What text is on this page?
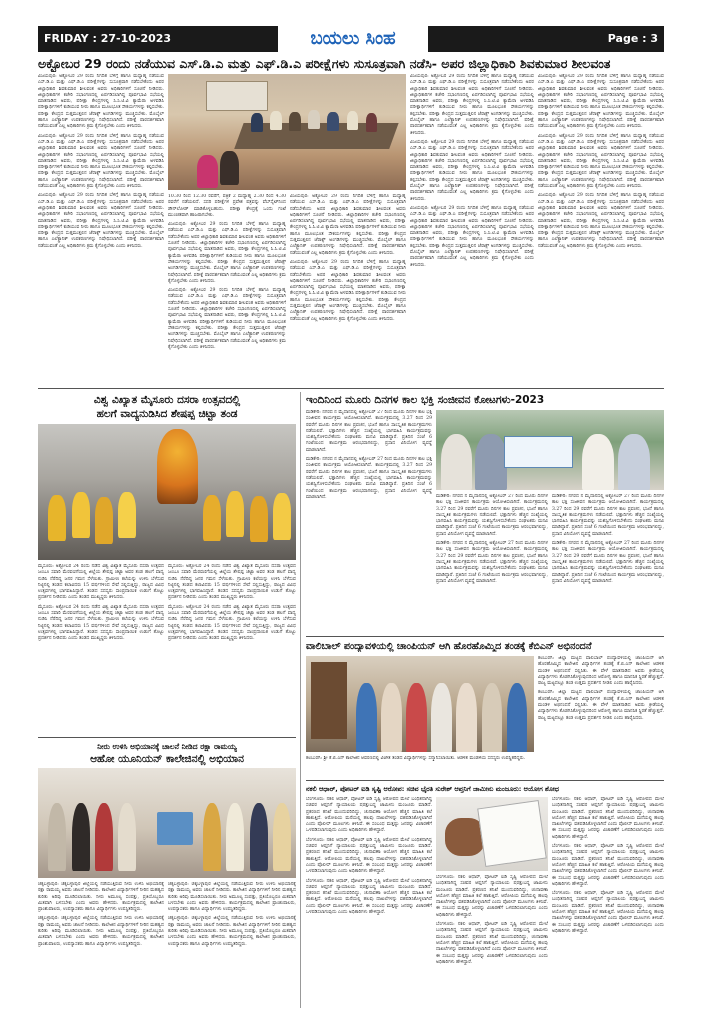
FRIDAY : 27-10-2023	ಬಯಲು ಸಿಂಹ	Page : 3
ಅಕ್ಟೋಬರ 29 ರಂದು ನಡೆಯುವ ಎಸ್.ಡಿ.ಎ ಮತ್ತು ಎಫ್.ಡಿ.ಎ ಪರೀಕ್ಷೆಗಳು ಸುಸೂತ್ರವಾಗಿ ನಡೆಸಿ- ಅಪರ ಜಿಲ್ಲಾಧಿಕಾರಿ ಶಿವಕುಮಾರ ಶೀಲವಂತ

ವಿಜಯಪುರ: ಅಕ್ಟೋಬರ 29 ರಂದು ನಿಗದಿತ ಬೆಳಿಗ್ಗೆ ಹಾಗೂ ಮಧ್ಯಾಹ್ನ ನಡೆಯುವ ಎಸ್.ಡಿ.ಎ ಮತ್ತು ಎಫ್.ಡಿ.ಎ ಪರೀಕ್ಷೆಗಳನ್ನು ಸುಸೂತ್ರವಾಗಿ ನಡೆಸಬೇಕೆಂದು ಅಪರ ಜಿಲ್ಲಾಧಿಕಾರಿ ಶಿವಕುಮಾರ ಶೀಲವಂತ ಅವರು ಅಧಿಕಾರಿಗಳಿಗೆ ಸೂಚನೆ ನೀಡಿದರು. ಜಿಲ್ಲಾಧಿಕಾರಿಗಳ ಕಚೇರಿ ಸಭಾಂಗಣದಲ್ಲಿ ಏರ್ಪಡಿಸಲಾಗಿದ್ದ ಪೂರ್ವಭಾವಿ ಸಭೆಯಲ್ಲಿ ಮಾತನಾಡಿದ ಅವರು, ಪರೀಕ್ಷಾ ಕೇಂದ್ರಗಳಲ್ಲಿ ಸಿ.ಸಿ.ಟಿ.ವಿ ಕ್ಯಾಮೆರಾ ಅಳವಡಿಸಿ ಪರೀಕ್ಷಾರ್ಥಿಗಳಿಗೆ ಕುಡಿಯುವ ನೀರು ಹಾಗೂ ಮೂಲಭೂತ ಸೌಕರ್ಯಗಳನ್ನು ಕಲ್ಪಿಸಬೇಕು. ಪರೀಕ್ಷಾ ಕೇಂದ್ರದ ಸುತ್ತಮುತ್ತಲಿನ ಜೆರಾಕ್ಸ್ ಅಂಗಡಿಗಳನ್ನು ಮುಚ್ಚಿಸಬೇಕು. ಮೊಬೈಲ್ ಹಾಗೂ ಎಲೆಕ್ಟ್ರಾನಿಕ್ ಉಪಕರಣಗಳನ್ನು ನಿಷೇಧಿಸಲಾಗಿದೆ. ಪರೀಕ್ಷೆ ಪಾರದರ್ಶಕವಾಗಿ ನಡೆಯುವಂತೆ ಎಲ್ಲ ಅಧಿಕಾರಿಗಳು ಕ್ರಮ ಕೈಗೊಳ್ಳಬೇಕು ಎಂದು ತಿಳಿಸಿದರು.

ವಿಜಯಪುರ: ಅಕ್ಟೋಬರ 29 ರಂದು ನಿಗದಿತ ಬೆಳಿಗ್ಗೆ ಹಾಗೂ ಮಧ್ಯಾಹ್ನ ನಡೆಯುವ ಎಸ್.ಡಿ.ಎ ಮತ್ತು ಎಫ್.ಡಿ.ಎ ಪರೀಕ್ಷೆಗಳನ್ನು ಸುಸೂತ್ರವಾಗಿ ನಡೆಸಬೇಕೆಂದು ಅಪರ ಜಿಲ್ಲಾಧಿಕಾರಿ ಶಿವಕುಮಾರ ಶೀಲವಂತ ಅವರು ಅಧಿಕಾರಿಗಳಿಗೆ ಸೂಚನೆ ನೀಡಿದರು. ಜಿಲ್ಲಾಧಿಕಾರಿಗಳ ಕಚೇರಿ ಸಭಾಂಗಣದಲ್ಲಿ ಏರ್ಪಡಿಸಲಾಗಿದ್ದ ಪೂರ್ವಭಾವಿ ಸಭೆಯಲ್ಲಿ ಮಾತನಾಡಿದ ಅವರು, ಪರೀಕ್ಷಾ ಕೇಂದ್ರಗಳಲ್ಲಿ ಸಿ.ಸಿ.ಟಿ.ವಿ ಕ್ಯಾಮೆರಾ ಅಳವಡಿಸಿ ಪರೀಕ್ಷಾರ್ಥಿಗಳಿಗೆ ಕುಡಿಯುವ ನೀರು ಹಾಗೂ ಮೂಲಭೂತ ಸೌಕರ್ಯಗಳನ್ನು ಕಲ್ಪಿಸಬೇಕು. ಪರೀಕ್ಷಾ ಕೇಂದ್ರದ ಸುತ್ತಮುತ್ತಲಿನ ಜೆರಾಕ್ಸ್ ಅಂಗಡಿಗಳನ್ನು ಮುಚ್ಚಿಸಬೇಕು. ಮೊಬೈಲ್ ಹಾಗೂ ಎಲೆಕ್ಟ್ರಾನಿಕ್ ಉಪಕರಣಗಳನ್ನು ನಿಷೇಧಿಸಲಾಗಿದೆ. ಪರೀಕ್ಷೆ ಪಾರದರ್ಶಕವಾಗಿ ನಡೆಯುವಂತೆ ಎಲ್ಲ ಅಧಿಕಾರಿಗಳು ಕ್ರಮ ಕೈಗೊಳ್ಳಬೇಕು ಎಂದು ತಿಳಿಸಿದರು.

ವಿಜಯಪುರ: ಅಕ್ಟೋಬರ 29 ರಂದು ನಿಗದಿತ ಬೆಳಿಗ್ಗೆ ಹಾಗೂ ಮಧ್ಯಾಹ್ನ ನಡೆಯುವ ಎಸ್.ಡಿ.ಎ ಮತ್ತು ಎಫ್.ಡಿ.ಎ ಪರೀಕ್ಷೆಗಳನ್ನು ಸುಸೂತ್ರವಾಗಿ ನಡೆಸಬೇಕೆಂದು ಅಪರ ಜಿಲ್ಲಾಧಿಕಾರಿ ಶಿವಕುಮಾರ ಶೀಲವಂತ ಅವರು ಅಧಿಕಾರಿಗಳಿಗೆ ಸೂಚನೆ ನೀಡಿದರು. ಜಿಲ್ಲಾಧಿಕಾರಿಗಳ ಕಚೇರಿ ಸಭಾಂಗಣದಲ್ಲಿ ಏರ್ಪಡಿಸಲಾಗಿದ್ದ ಪೂರ್ವಭಾವಿ ಸಭೆಯಲ್ಲಿ ಮಾತನಾಡಿದ ಅವರು, ಪರೀಕ್ಷಾ ಕೇಂದ್ರಗಳಲ್ಲಿ ಸಿ.ಸಿ.ಟಿ.ವಿ ಕ್ಯಾಮೆರಾ ಅಳವಡಿಸಿ ಪರೀಕ್ಷಾರ್ಥಿಗಳಿಗೆ ಕುಡಿಯುವ ನೀರು ಹಾಗೂ ಮೂಲಭೂತ ಸೌಕರ್ಯಗಳನ್ನು ಕಲ್ಪಿಸಬೇಕು. ಪರೀಕ್ಷಾ ಕೇಂದ್ರದ ಸುತ್ತಮುತ್ತಲಿನ ಜೆರಾಕ್ಸ್ ಅಂಗಡಿಗಳನ್ನು ಮುಚ್ಚಿಸಬೇಕು. ಮೊಬೈಲ್ ಹಾಗೂ ಎಲೆಕ್ಟ್ರಾನಿಕ್ ಉಪಕರಣಗಳನ್ನು ನಿಷೇಧಿಸಲಾಗಿದೆ. ಪರೀಕ್ಷೆ ಪಾರದರ್ಶಕವಾಗಿ ನಡೆಯುವಂತೆ ಎಲ್ಲ ಅಧಿಕಾರಿಗಳು ಕ್ರಮ ಕೈಗೊಳ್ಳಬೇಕು ಎಂದು ತಿಳಿಸಿದರು.

10.30 ರಿಂದ 12.30 ರವರೆಗೆ, ಪತ್ರಿಕೆ 2 ಮಧ್ಯಾಹ್ನ 2.30 ರಿಂದ 4.30 ರವರೆಗೆ ನಡೆಯಲಿದೆ. ಸದರಿ ಪರೀಕ್ಷೆಗಳ ಪ್ರವೇಶ ಪತ್ರವನ್ನು ವೆಬ್‌ಸೈಟ್‌ನಿಂದ ಡೌನ್‌ಲೋಡ್ ಮಾಡಿಕೊಳ್ಳಬಹುದು. ಪರೀಕ್ಷಾ ಕೇಂದ್ರಕ್ಕೆ ಒಂದು ಗಂಟೆ ಮುಂಚಿತವಾಗಿ ಹಾಜರಾಗಬೇಕು.

ವಿಜಯಪುರ: ಅಕ್ಟೋಬರ 29 ರಂದು ನಿಗದಿತ ಬೆಳಿಗ್ಗೆ ಹಾಗೂ ಮಧ್ಯಾಹ್ನ ನಡೆಯುವ ಎಸ್.ಡಿ.ಎ ಮತ್ತು ಎಫ್.ಡಿ.ಎ ಪರೀಕ್ಷೆಗಳನ್ನು ಸುಸೂತ್ರವಾಗಿ ನಡೆಸಬೇಕೆಂದು ಅಪರ ಜಿಲ್ಲಾಧಿಕಾರಿ ಶಿವಕುಮಾರ ಶೀಲವಂತ ಅವರು ಅಧಿಕಾರಿಗಳಿಗೆ ಸೂಚನೆ ನೀಡಿದರು. ಜಿಲ್ಲಾಧಿಕಾರಿಗಳ ಕಚೇರಿ ಸಭಾಂಗಣದಲ್ಲಿ ಏರ್ಪಡಿಸಲಾಗಿದ್ದ ಪೂರ್ವಭಾವಿ ಸಭೆಯಲ್ಲಿ ಮಾತನಾಡಿದ ಅವರು, ಪರೀಕ್ಷಾ ಕೇಂದ್ರಗಳಲ್ಲಿ ಸಿ.ಸಿ.ಟಿ.ವಿ ಕ್ಯಾಮೆರಾ ಅಳವಡಿಸಿ ಪರೀಕ್ಷಾರ್ಥಿಗಳಿಗೆ ಕುಡಿಯುವ ನೀರು ಹಾಗೂ ಮೂಲಭೂತ ಸೌಕರ್ಯಗಳನ್ನು ಕಲ್ಪಿಸಬೇಕು. ಪರೀಕ್ಷಾ ಕೇಂದ್ರದ ಸುತ್ತಮುತ್ತಲಿನ ಜೆರಾಕ್ಸ್ ಅಂಗಡಿಗಳನ್ನು ಮುಚ್ಚಿಸಬೇಕು. ಮೊಬೈಲ್ ಹಾಗೂ ಎಲೆಕ್ಟ್ರಾನಿಕ್ ಉಪಕರಣಗಳನ್ನು ನಿಷೇಧಿಸಲಾಗಿದೆ. ಪರೀಕ್ಷೆ ಪಾರದರ್ಶಕವಾಗಿ ನಡೆಯುವಂತೆ ಎಲ್ಲ ಅಧಿಕಾರಿಗಳು ಕ್ರಮ ಕೈಗೊಳ್ಳಬೇಕು ಎಂದು ತಿಳಿಸಿದರು.

ವಿಜಯಪುರ: ಅಕ್ಟೋಬರ 29 ರಂದು ನಿಗದಿತ ಬೆಳಿಗ್ಗೆ ಹಾಗೂ ಮಧ್ಯಾಹ್ನ ನಡೆಯುವ ಎಸ್.ಡಿ.ಎ ಮತ್ತು ಎಫ್.ಡಿ.ಎ ಪರೀಕ್ಷೆಗಳನ್ನು ಸುಸೂತ್ರವಾಗಿ ನಡೆಸಬೇಕೆಂದು ಅಪರ ಜಿಲ್ಲಾಧಿಕಾರಿ ಶಿವಕುಮಾರ ಶೀಲವಂತ ಅವರು ಅಧಿಕಾರಿಗಳಿಗೆ ಸೂಚನೆ ನೀಡಿದರು. ಜಿಲ್ಲಾಧಿಕಾರಿಗಳ ಕಚೇರಿ ಸಭಾಂಗಣದಲ್ಲಿ ಏರ್ಪಡಿಸಲಾಗಿದ್ದ ಪೂರ್ವಭಾವಿ ಸಭೆಯಲ್ಲಿ ಮಾತನಾಡಿದ ಅವರು, ಪರೀಕ್ಷಾ ಕೇಂದ್ರಗಳಲ್ಲಿ ಸಿ.ಸಿ.ಟಿ.ವಿ ಕ್ಯಾಮೆರಾ ಅಳವಡಿಸಿ ಪರೀಕ್ಷಾರ್ಥಿಗಳಿಗೆ ಕುಡಿಯುವ ನೀರು ಹಾಗೂ ಮೂಲಭೂತ ಸೌಕರ್ಯಗಳನ್ನು ಕಲ್ಪಿಸಬೇಕು. ಪರೀಕ್ಷಾ ಕೇಂದ್ರದ ಸುತ್ತಮುತ್ತಲಿನ ಜೆರಾಕ್ಸ್ ಅಂಗಡಿಗಳನ್ನು ಮುಚ್ಚಿಸಬೇಕು. ಮೊಬೈಲ್ ಹಾಗೂ ಎಲೆಕ್ಟ್ರಾನಿಕ್ ಉಪಕರಣಗಳನ್ನು ನಿಷೇಧಿಸಲಾಗಿದೆ. ಪರೀಕ್ಷೆ ಪಾರದರ್ಶಕವಾಗಿ ನಡೆಯುವಂತೆ ಎಲ್ಲ ಅಧಿಕಾರಿಗಳು ಕ್ರಮ ಕೈಗೊಳ್ಳಬೇಕು ಎಂದು ತಿಳಿಸಿದರು.

ವಿಜಯಪುರ: ಅಕ್ಟೋಬರ 29 ರಂದು ನಿಗದಿತ ಬೆಳಿಗ್ಗೆ ಹಾಗೂ ಮಧ್ಯಾಹ್ನ ನಡೆಯುವ ಎಸ್.ಡಿ.ಎ ಮತ್ತು ಎಫ್.ಡಿ.ಎ ಪರೀಕ್ಷೆಗಳನ್ನು ಸುಸೂತ್ರವಾಗಿ ನಡೆಸಬೇಕೆಂದು ಅಪರ ಜಿಲ್ಲಾಧಿಕಾರಿ ಶಿವಕುಮಾರ ಶೀಲವಂತ ಅವರು ಅಧಿಕಾರಿಗಳಿಗೆ ಸೂಚನೆ ನೀಡಿದರು. ಜಿಲ್ಲಾಧಿಕಾರಿಗಳ ಕಚೇರಿ ಸಭಾಂಗಣದಲ್ಲಿ ಏರ್ಪಡಿಸಲಾಗಿದ್ದ ಪೂರ್ವಭಾವಿ ಸಭೆಯಲ್ಲಿ ಮಾತನಾಡಿದ ಅವರು, ಪರೀಕ್ಷಾ ಕೇಂದ್ರಗಳಲ್ಲಿ ಸಿ.ಸಿ.ಟಿ.ವಿ ಕ್ಯಾಮೆರಾ ಅಳವಡಿಸಿ ಪರೀಕ್ಷಾರ್ಥಿಗಳಿಗೆ ಕುಡಿಯುವ ನೀರು ಹಾಗೂ ಮೂಲಭೂತ ಸೌಕರ್ಯಗಳನ್ನು ಕಲ್ಪಿಸಬೇಕು. ಪರೀಕ್ಷಾ ಕೇಂದ್ರದ ಸುತ್ತಮುತ್ತಲಿನ ಜೆರಾಕ್ಸ್ ಅಂಗಡಿಗಳನ್ನು ಮುಚ್ಚಿಸಬೇಕು. ಮೊಬೈಲ್ ಹಾಗೂ ಎಲೆಕ್ಟ್ರಾನಿಕ್ ಉಪಕರಣಗಳನ್ನು ನಿಷೇಧಿಸಲಾಗಿದೆ. ಪರೀಕ್ಷೆ ಪಾರದರ್ಶಕವಾಗಿ ನಡೆಯುವಂತೆ ಎಲ್ಲ ಅಧಿಕಾರಿಗಳು ಕ್ರಮ ಕೈಗೊಳ್ಳಬೇಕು ಎಂದು ತಿಳಿಸಿದರು.

ವಿಜಯಪುರ: ಅಕ್ಟೋಬರ 29 ರಂದು ನಿಗದಿತ ಬೆಳಿಗ್ಗೆ ಹಾಗೂ ಮಧ್ಯಾಹ್ನ ನಡೆಯುವ ಎಸ್.ಡಿ.ಎ ಮತ್ತು ಎಫ್.ಡಿ.ಎ ಪರೀಕ್ಷೆಗಳನ್ನು ಸುಸೂತ್ರವಾಗಿ ನಡೆಸಬೇಕೆಂದು ಅಪರ ಜಿಲ್ಲಾಧಿಕಾರಿ ಶಿವಕುಮಾರ ಶೀಲವಂತ ಅವರು ಅಧಿಕಾರಿಗಳಿಗೆ ಸೂಚನೆ ನೀಡಿದರು. ಜಿಲ್ಲಾಧಿಕಾರಿಗಳ ಕಚೇರಿ ಸಭಾಂಗಣದಲ್ಲಿ ಏರ್ಪಡಿಸಲಾಗಿದ್ದ ಪೂರ್ವಭಾವಿ ಸಭೆಯಲ್ಲಿ ಮಾತನಾಡಿದ ಅವರು, ಪರೀಕ್ಷಾ ಕೇಂದ್ರಗಳಲ್ಲಿ ಸಿ.ಸಿ.ಟಿ.ವಿ ಕ್ಯಾಮೆರಾ ಅಳವಡಿಸಿ ಪರೀಕ್ಷಾರ್ಥಿಗಳಿಗೆ ಕುಡಿಯುವ ನೀರು ಹಾಗೂ ಮೂಲಭೂತ ಸೌಕರ್ಯಗಳನ್ನು ಕಲ್ಪಿಸಬೇಕು. ಪರೀಕ್ಷಾ ಕೇಂದ್ರದ ಸುತ್ತಮುತ್ತಲಿನ ಜೆರಾಕ್ಸ್ ಅಂಗಡಿಗಳನ್ನು ಮುಚ್ಚಿಸಬೇಕು. ಮೊಬೈಲ್ ಹಾಗೂ ಎಲೆಕ್ಟ್ರಾನಿಕ್ ಉಪಕರಣಗಳನ್ನು ನಿಷೇಧಿಸಲಾಗಿದೆ. ಪರೀಕ್ಷೆ ಪಾರದರ್ಶಕವಾಗಿ ನಡೆಯುವಂತೆ ಎಲ್ಲ ಅಧಿಕಾರಿಗಳು ಕ್ರಮ ಕೈಗೊಳ್ಳಬೇಕು ಎಂದು ತಿಳಿಸಿದರು.

ವಿಜಯಪುರ: ಅಕ್ಟೋಬರ 29 ರಂದು ನಿಗದಿತ ಬೆಳಿಗ್ಗೆ ಹಾಗೂ ಮಧ್ಯಾಹ್ನ ನಡೆಯುವ ಎಸ್.ಡಿ.ಎ ಮತ್ತು ಎಫ್.ಡಿ.ಎ ಪರೀಕ್ಷೆಗಳನ್ನು ಸುಸೂತ್ರವಾಗಿ ನಡೆಸಬೇಕೆಂದು ಅಪರ ಜಿಲ್ಲಾಧಿಕಾರಿ ಶಿವಕುಮಾರ ಶೀಲವಂತ ಅವರು ಅಧಿಕಾರಿಗಳಿಗೆ ಸೂಚನೆ ನೀಡಿದರು. ಜಿಲ್ಲಾಧಿಕಾರಿಗಳ ಕಚೇರಿ ಸಭಾಂಗಣದಲ್ಲಿ ಏರ್ಪಡಿಸಲಾಗಿದ್ದ ಪೂರ್ವಭಾವಿ ಸಭೆಯಲ್ಲಿ ಮಾತನಾಡಿದ ಅವರು, ಪರೀಕ್ಷಾ ಕೇಂದ್ರಗಳಲ್ಲಿ ಸಿ.ಸಿ.ಟಿ.ವಿ ಕ್ಯಾಮೆರಾ ಅಳವಡಿಸಿ ಪರೀಕ್ಷಾರ್ಥಿಗಳಿಗೆ ಕುಡಿಯುವ ನೀರು ಹಾಗೂ ಮೂಲಭೂತ ಸೌಕರ್ಯಗಳನ್ನು ಕಲ್ಪಿಸಬೇಕು. ಪರೀಕ್ಷಾ ಕೇಂದ್ರದ ಸುತ್ತಮುತ್ತಲಿನ ಜೆರಾಕ್ಸ್ ಅಂಗಡಿಗಳನ್ನು ಮುಚ್ಚಿಸಬೇಕು. ಮೊಬೈಲ್ ಹಾಗೂ ಎಲೆಕ್ಟ್ರಾನಿಕ್ ಉಪಕರಣಗಳನ್ನು ನಿಷೇಧಿಸಲಾಗಿದೆ. ಪರೀಕ್ಷೆ ಪಾರದರ್ಶಕವಾಗಿ ನಡೆಯುವಂತೆ ಎಲ್ಲ ಅಧಿಕಾರಿಗಳು ಕ್ರಮ ಕೈಗೊಳ್ಳಬೇಕು ಎಂದು ತಿಳಿಸಿದರು.

ವಿಜಯಪುರ: ಅಕ್ಟೋಬರ 29 ರಂದು ನಿಗದಿತ ಬೆಳಿಗ್ಗೆ ಹಾಗೂ ಮಧ್ಯಾಹ್ನ ನಡೆಯುವ ಎಸ್.ಡಿ.ಎ ಮತ್ತು ಎಫ್.ಡಿ.ಎ ಪರೀಕ್ಷೆಗಳನ್ನು ಸುಸೂತ್ರವಾಗಿ ನಡೆಸಬೇಕೆಂದು ಅಪರ ಜಿಲ್ಲಾಧಿಕಾರಿ ಶಿವಕುಮಾರ ಶೀಲವಂತ ಅವರು ಅಧಿಕಾರಿಗಳಿಗೆ ಸೂಚನೆ ನೀಡಿದರು. ಜಿಲ್ಲಾಧಿಕಾರಿಗಳ ಕಚೇರಿ ಸಭಾಂಗಣದಲ್ಲಿ ಏರ್ಪಡಿಸಲಾಗಿದ್ದ ಪೂರ್ವಭಾವಿ ಸಭೆಯಲ್ಲಿ ಮಾತನಾಡಿದ ಅವರು, ಪರೀಕ್ಷಾ ಕೇಂದ್ರಗಳಲ್ಲಿ ಸಿ.ಸಿ.ಟಿ.ವಿ ಕ್ಯಾಮೆರಾ ಅಳವಡಿಸಿ ಪರೀಕ್ಷಾರ್ಥಿಗಳಿಗೆ ಕುಡಿಯುವ ನೀರು ಹಾಗೂ ಮೂಲಭೂತ ಸೌಕರ್ಯಗಳನ್ನು ಕಲ್ಪಿಸಬೇಕು. ಪರೀಕ್ಷಾ ಕೇಂದ್ರದ ಸುತ್ತಮುತ್ತಲಿನ ಜೆರಾಕ್ಸ್ ಅಂಗಡಿಗಳನ್ನು ಮುಚ್ಚಿಸಬೇಕು. ಮೊಬೈಲ್ ಹಾಗೂ ಎಲೆಕ್ಟ್ರಾನಿಕ್ ಉಪಕರಣಗಳನ್ನು ನಿಷೇಧಿಸಲಾಗಿದೆ. ಪರೀಕ್ಷೆ ಪಾರದರ್ಶಕವಾಗಿ ನಡೆಯುವಂತೆ ಎಲ್ಲ ಅಧಿಕಾರಿಗಳು ಕ್ರಮ ಕೈಗೊಳ್ಳಬೇಕು ಎಂದು ತಿಳಿಸಿದರು.

ವಿಜಯಪುರ: ಅಕ್ಟೋಬರ 29 ರಂದು ನಿಗದಿತ ಬೆಳಿಗ್ಗೆ ಹಾಗೂ ಮಧ್ಯಾಹ್ನ ನಡೆಯುವ ಎಸ್.ಡಿ.ಎ ಮತ್ತು ಎಫ್.ಡಿ.ಎ ಪರೀಕ್ಷೆಗಳನ್ನು ಸುಸೂತ್ರವಾಗಿ ನಡೆಸಬೇಕೆಂದು ಅಪರ ಜಿಲ್ಲಾಧಿಕಾರಿ ಶಿವಕುಮಾರ ಶೀಲವಂತ ಅವರು ಅಧಿಕಾರಿಗಳಿಗೆ ಸೂಚನೆ ನೀಡಿದರು. ಜಿಲ್ಲಾಧಿಕಾರಿಗಳ ಕಚೇರಿ ಸಭಾಂಗಣದಲ್ಲಿ ಏರ್ಪಡಿಸಲಾಗಿದ್ದ ಪೂರ್ವಭಾವಿ ಸಭೆಯಲ್ಲಿ ಮಾತನಾಡಿದ ಅವರು, ಪರೀಕ್ಷಾ ಕೇಂದ್ರಗಳಲ್ಲಿ ಸಿ.ಸಿ.ಟಿ.ವಿ ಕ್ಯಾಮೆರಾ ಅಳವಡಿಸಿ ಪರೀಕ್ಷಾರ್ಥಿಗಳಿಗೆ ಕುಡಿಯುವ ನೀರು ಹಾಗೂ ಮೂಲಭೂತ ಸೌಕರ್ಯಗಳನ್ನು ಕಲ್ಪಿಸಬೇಕು. ಪರೀಕ್ಷಾ ಕೇಂದ್ರದ ಸುತ್ತಮುತ್ತಲಿನ ಜೆರಾಕ್ಸ್ ಅಂಗಡಿಗಳನ್ನು ಮುಚ್ಚಿಸಬೇಕು. ಮೊಬೈಲ್ ಹಾಗೂ ಎಲೆಕ್ಟ್ರಾನಿಕ್ ಉಪಕರಣಗಳನ್ನು ನಿಷೇಧಿಸಲಾಗಿದೆ. ಪರೀಕ್ಷೆ ಪಾರದರ್ಶಕವಾಗಿ ನಡೆಯುವಂತೆ ಎಲ್ಲ ಅಧಿಕಾರಿಗಳು ಕ್ರಮ ಕೈಗೊಳ್ಳಬೇಕು ಎಂದು ತಿಳಿಸಿದರು.

ವಿಜಯಪುರ: ಅಕ್ಟೋಬರ 29 ರಂದು ನಿಗದಿತ ಬೆಳಿಗ್ಗೆ ಹಾಗೂ ಮಧ್ಯಾಹ್ನ ನಡೆಯುವ ಎಸ್.ಡಿ.ಎ ಮತ್ತು ಎಫ್.ಡಿ.ಎ ಪರೀಕ್ಷೆಗಳನ್ನು ಸುಸೂತ್ರವಾಗಿ ನಡೆಸಬೇಕೆಂದು ಅಪರ ಜಿಲ್ಲಾಧಿಕಾರಿ ಶಿವಕುಮಾರ ಶೀಲವಂತ ಅವರು ಅಧಿಕಾರಿಗಳಿಗೆ ಸೂಚನೆ ನೀಡಿದರು. ಜಿಲ್ಲಾಧಿಕಾರಿಗಳ ಕಚೇರಿ ಸಭಾಂಗಣದಲ್ಲಿ ಏರ್ಪಡಿಸಲಾಗಿದ್ದ ಪೂರ್ವಭಾವಿ ಸಭೆಯಲ್ಲಿ ಮಾತನಾಡಿದ ಅವರು, ಪರೀಕ್ಷಾ ಕೇಂದ್ರಗಳಲ್ಲಿ ಸಿ.ಸಿ.ಟಿ.ವಿ ಕ್ಯಾಮೆರಾ ಅಳವಡಿಸಿ ಪರೀಕ್ಷಾರ್ಥಿಗಳಿಗೆ ಕುಡಿಯುವ ನೀರು ಹಾಗೂ ಮೂಲಭೂತ ಸೌಕರ್ಯಗಳನ್ನು ಕಲ್ಪಿಸಬೇಕು. ಪರೀಕ್ಷಾ ಕೇಂದ್ರದ ಸುತ್ತಮುತ್ತಲಿನ ಜೆರಾಕ್ಸ್ ಅಂಗಡಿಗಳನ್ನು ಮುಚ್ಚಿಸಬೇಕು. ಮೊಬೈಲ್ ಹಾಗೂ ಎಲೆಕ್ಟ್ರಾನಿಕ್ ಉಪಕರಣಗಳನ್ನು ನಿಷೇಧಿಸಲಾಗಿದೆ. ಪರೀಕ್ಷೆ ಪಾರದರ್ಶಕವಾಗಿ ನಡೆಯುವಂತೆ ಎಲ್ಲ ಅಧಿಕಾರಿಗಳು ಕ್ರಮ ಕೈಗೊಳ್ಳಬೇಕು ಎಂದು ತಿಳಿಸಿದರು.

ವಿಜಯಪುರ: ಅಕ್ಟೋಬರ 29 ರಂದು ನಿಗದಿತ ಬೆಳಿಗ್ಗೆ ಹಾಗೂ ಮಧ್ಯಾಹ್ನ ನಡೆಯುವ ಎಸ್.ಡಿ.ಎ ಮತ್ತು ಎಫ್.ಡಿ.ಎ ಪರೀಕ್ಷೆಗಳನ್ನು ಸುಸೂತ್ರವಾಗಿ ನಡೆಸಬೇಕೆಂದು ಅಪರ ಜಿಲ್ಲಾಧಿಕಾರಿ ಶಿವಕುಮಾರ ಶೀಲವಂತ ಅವರು ಅಧಿಕಾರಿಗಳಿಗೆ ಸೂಚನೆ ನೀಡಿದರು. ಜಿಲ್ಲಾಧಿಕಾರಿಗಳ ಕಚೇರಿ ಸಭಾಂಗಣದಲ್ಲಿ ಏರ್ಪಡಿಸಲಾಗಿದ್ದ ಪೂರ್ವಭಾವಿ ಸಭೆಯಲ್ಲಿ ಮಾತನಾಡಿದ ಅವರು, ಪರೀಕ್ಷಾ ಕೇಂದ್ರಗಳಲ್ಲಿ ಸಿ.ಸಿ.ಟಿ.ವಿ ಕ್ಯಾಮೆರಾ ಅಳವಡಿಸಿ ಪರೀಕ್ಷಾರ್ಥಿಗಳಿಗೆ ಕುಡಿಯುವ ನೀರು ಹಾಗೂ ಮೂಲಭೂತ ಸೌಕರ್ಯಗಳನ್ನು ಕಲ್ಪಿಸಬೇಕು. ಪರೀಕ್ಷಾ ಕೇಂದ್ರದ ಸುತ್ತಮುತ್ತಲಿನ ಜೆರಾಕ್ಸ್ ಅಂಗಡಿಗಳನ್ನು ಮುಚ್ಚಿಸಬೇಕು. ಮೊಬೈಲ್ ಹಾಗೂ ಎಲೆಕ್ಟ್ರಾನಿಕ್ ಉಪಕರಣಗಳನ್ನು ನಿಷೇಧಿಸಲಾಗಿದೆ. ಪರೀಕ್ಷೆ ಪಾರದರ್ಶಕವಾಗಿ ನಡೆಯುವಂತೆ ಎಲ್ಲ ಅಧಿಕಾರಿಗಳು ಕ್ರಮ ಕೈಗೊಳ್ಳಬೇಕು ಎಂದು ತಿಳಿಸಿದರು.

ವಿಜಯಪುರ: ಅಕ್ಟೋಬರ 29 ರಂದು ನಿಗದಿತ ಬೆಳಿಗ್ಗೆ ಹಾಗೂ ಮಧ್ಯಾಹ್ನ ನಡೆಯುವ ಎಸ್.ಡಿ.ಎ ಮತ್ತು ಎಫ್.ಡಿ.ಎ ಪರೀಕ್ಷೆಗಳನ್ನು ಸುಸೂತ್ರವಾಗಿ ನಡೆಸಬೇಕೆಂದು ಅಪರ ಜಿಲ್ಲಾಧಿಕಾರಿ ಶಿವಕುಮಾರ ಶೀಲವಂತ ಅವರು ಅಧಿಕಾರಿಗಳಿಗೆ ಸೂಚನೆ ನೀಡಿದರು. ಜಿಲ್ಲಾಧಿಕಾರಿಗಳ ಕಚೇರಿ ಸಭಾಂಗಣದಲ್ಲಿ ಏರ್ಪಡಿಸಲಾಗಿದ್ದ ಪೂರ್ವಭಾವಿ ಸಭೆಯಲ್ಲಿ ಮಾತನಾಡಿದ ಅವರು, ಪರೀಕ್ಷಾ ಕೇಂದ್ರಗಳಲ್ಲಿ ಸಿ.ಸಿ.ಟಿ.ವಿ ಕ್ಯಾಮೆರಾ ಅಳವಡಿಸಿ ಪರೀಕ್ಷಾರ್ಥಿಗಳಿಗೆ ಕುಡಿಯುವ ನೀರು ಹಾಗೂ ಮೂಲಭೂತ ಸೌಕರ್ಯಗಳನ್ನು ಕಲ್ಪಿಸಬೇಕು. ಪರೀಕ್ಷಾ ಕೇಂದ್ರದ ಸುತ್ತಮುತ್ತಲಿನ ಜೆರಾಕ್ಸ್ ಅಂಗಡಿಗಳನ್ನು ಮುಚ್ಚಿಸಬೇಕು. ಮೊಬೈಲ್ ಹಾಗೂ ಎಲೆಕ್ಟ್ರಾನಿಕ್ ಉಪಕರಣಗಳನ್ನು ನಿಷೇಧಿಸಲಾಗಿದೆ. ಪರೀಕ್ಷೆ ಪಾರದರ್ಶಕವಾಗಿ ನಡೆಯುವಂತೆ ಎಲ್ಲ ಅಧಿಕಾರಿಗಳು ಕ್ರಮ ಕೈಗೊಳ್ಳಬೇಕು ಎಂದು ತಿಳಿಸಿದರು.

ವಿಶ್ವ ವಿಖ್ಯಾತ ಮೈಸೂರು ದಸರಾ ಉತ್ಸವದಲ್ಲಿ
ಹಲಗೆ ವಾದ್ಯನುಡಿಸಿದ ಶೇಷಪ್ಪ ಚಿಟ್ಟಾ ತಂಡ

ಮೈಸೂರು: ಅಕ್ಟೋಬರ 24 ರಂದು ನಡೆದ ವಿಶ್ವ ವಿಖ್ಯಾತ ಮೈಸೂರು ದಸರಾ ಉತ್ಸವದ ಜಂಬೂ ಸವಾರಿ ಮೆರವಣಿಗೆಯಲ್ಲಿ ಜಿಲ್ಲೆಯ ಶೇಷಪ್ಪ ಚಿಟ್ಟಾ ಅವರ ತಂಡ ಹಲಗೆ ವಾದ್ಯ ನುಡಿಸಿ ನೆರೆದಿದ್ದ ಜನರ ಗಮನ ಸೆಳೆಯಿತು. ಗ್ರಾಮೀಣ ಕಲೆಯನ್ನು ಉಳಿಸಿ ಬೆಳೆಸುವ ನಿಟ್ಟಿನಲ್ಲಿ ತಂಡದ ಕಲಾವಿದರು 15 ವರ್ಷಗಳಿಂದ ಸೇವೆ ಸಲ್ಲಿಸುತ್ತಿದ್ದು, ರಾಜ್ಯದ ವಿವಿಧ ಉತ್ಸವಗಳಲ್ಲಿ ಭಾಗವಹಿಸಿದ್ದಾರೆ. ತಂಡದ ಸದಸ್ಯರು ಸಾಂಪ್ರದಾಯಿಕ ಉಡುಗೆ ತೊಟ್ಟು ಪ್ರದರ್ಶನ ನೀಡಿದರು ಎಂದು ತಂಡದ ಮುಖ್ಯಸ್ಥರು ತಿಳಿಸಿದರು.

ಮೈಸೂರು: ಅಕ್ಟೋಬರ 24 ರಂದು ನಡೆದ ವಿಶ್ವ ವಿಖ್ಯಾತ ಮೈಸೂರು ದಸರಾ ಉತ್ಸವದ ಜಂಬೂ ಸವಾರಿ ಮೆರವಣಿಗೆಯಲ್ಲಿ ಜಿಲ್ಲೆಯ ಶೇಷಪ್ಪ ಚಿಟ್ಟಾ ಅವರ ತಂಡ ಹಲಗೆ ವಾದ್ಯ ನುಡಿಸಿ ನೆರೆದಿದ್ದ ಜನರ ಗಮನ ಸೆಳೆಯಿತು. ಗ್ರಾಮೀಣ ಕಲೆಯನ್ನು ಉಳಿಸಿ ಬೆಳೆಸುವ ನಿಟ್ಟಿನಲ್ಲಿ ತಂಡದ ಕಲಾವಿದರು 15 ವರ್ಷಗಳಿಂದ ಸೇವೆ ಸಲ್ಲಿಸುತ್ತಿದ್ದು, ರಾಜ್ಯದ ವಿವಿಧ ಉತ್ಸವಗಳಲ್ಲಿ ಭಾಗವಹಿಸಿದ್ದಾರೆ. ತಂಡದ ಸದಸ್ಯರು ಸಾಂಪ್ರದಾಯಿಕ ಉಡುಗೆ ತೊಟ್ಟು ಪ್ರದರ್ಶನ ನೀಡಿದರು ಎಂದು ತಂಡದ ಮುಖ್ಯಸ್ಥರು ತಿಳಿಸಿದರು.

ಮೈಸೂರು: ಅಕ್ಟೋಬರ 24 ರಂದು ನಡೆದ ವಿಶ್ವ ವಿಖ್ಯಾತ ಮೈಸೂರು ದಸರಾ ಉತ್ಸವದ ಜಂಬೂ ಸವಾರಿ ಮೆರವಣಿಗೆಯಲ್ಲಿ ಜಿಲ್ಲೆಯ ಶೇಷಪ್ಪ ಚಿಟ್ಟಾ ಅವರ ತಂಡ ಹಲಗೆ ವಾದ್ಯ ನುಡಿಸಿ ನೆರೆದಿದ್ದ ಜನರ ಗಮನ ಸೆಳೆಯಿತು. ಗ್ರಾಮೀಣ ಕಲೆಯನ್ನು ಉಳಿಸಿ ಬೆಳೆಸುವ ನಿಟ್ಟಿನಲ್ಲಿ ತಂಡದ ಕಲಾವಿದರು 15 ವರ್ಷಗಳಿಂದ ಸೇವೆ ಸಲ್ಲಿಸುತ್ತಿದ್ದು, ರಾಜ್ಯದ ವಿವಿಧ ಉತ್ಸವಗಳಲ್ಲಿ ಭಾಗವಹಿಸಿದ್ದಾರೆ. ತಂಡದ ಸದಸ್ಯರು ಸಾಂಪ್ರದಾಯಿಕ ಉಡುಗೆ ತೊಟ್ಟು ಪ್ರದರ್ಶನ ನೀಡಿದರು ಎಂದು ತಂಡದ ಮುಖ್ಯಸ್ಥರು ತಿಳಿಸಿದರು.

ಮೈಸೂರು: ಅಕ್ಟೋಬರ 24 ರಂದು ನಡೆದ ವಿಶ್ವ ವಿಖ್ಯಾತ ಮೈಸೂರು ದಸರಾ ಉತ್ಸವದ ಜಂಬೂ ಸವಾರಿ ಮೆರವಣಿಗೆಯಲ್ಲಿ ಜಿಲ್ಲೆಯ ಶೇಷಪ್ಪ ಚಿಟ್ಟಾ ಅವರ ತಂಡ ಹಲಗೆ ವಾದ್ಯ ನುಡಿಸಿ ನೆರೆದಿದ್ದ ಜನರ ಗಮನ ಸೆಳೆಯಿತು. ಗ್ರಾಮೀಣ ಕಲೆಯನ್ನು ಉಳಿಸಿ ಬೆಳೆಸುವ ನಿಟ್ಟಿನಲ್ಲಿ ತಂಡದ ಕಲಾವಿದರು 15 ವರ್ಷಗಳಿಂದ ಸೇವೆ ಸಲ್ಲಿಸುತ್ತಿದ್ದು, ರಾಜ್ಯದ ವಿವಿಧ ಉತ್ಸವಗಳಲ್ಲಿ ಭಾಗವಹಿಸಿದ್ದಾರೆ. ತಂಡದ ಸದಸ್ಯರು ಸಾಂಪ್ರದಾಯಿಕ ಉಡುಗೆ ತೊಟ್ಟು ಪ್ರದರ್ಶನ ನೀಡಿದರು ಎಂದು ತಂಡದ ಮುಖ್ಯಸ್ಥರು ತಿಳಿಸಿದರು.

ನೀರು ಉಳಿಸಿ ಅಭಿಯಾನಕ್ಕೆ ಚಾಲನೆ ನೀಡಿದ ರಕ್ಷಾ ರಾಮಯ್ಯ
ಆಹೋ ಯೂನಿಯನ್ ಕಾಲೇಜಿನಲ್ಲಿ ಅಭಿಯಾನ

ಚಿಕ್ಕಬಳ್ಳಾಪುರ: ಚಿಕ್ಕಬಳ್ಳಾಪುರ ಜಿಲ್ಲೆಯಲ್ಲಿ ನಡೆಯುತ್ತಿರುವ ನೀರು ಉಳಿಸಿ ಅಭಿಯಾನಕ್ಕೆ ರಕ್ಷಾ ರಾಮಯ್ಯ ಅವರು ಚಾಲನೆ ನೀಡಿದರು. ಕಾಲೇಜಿನ ವಿದ್ಯಾರ್ಥಿಗಳಿಗೆ ನೀರಿನ ಮಹತ್ವದ ಕುರಿತು ಅರಿವು ಮೂಡಿಸಲಾಯಿತು. ನೀರು ಅಮೂಲ್ಯ ಸಂಪತ್ತು, ಪ್ರತಿಯೊಬ್ಬರೂ ಮಿತವಾಗಿ ಬಳಸಬೇಕು ಎಂದು ಅವರು ಹೇಳಿದರು. ಕಾರ್ಯಕ್ರಮದಲ್ಲಿ ಕಾಲೇಜಿನ ಪ್ರಾಂಶುಪಾಲರು, ಉಪನ್ಯಾಸಕರು ಹಾಗೂ ವಿದ್ಯಾರ್ಥಿಗಳು ಉಪಸ್ಥಿತರಿದ್ದರು.

ಚಿಕ್ಕಬಳ್ಳಾಪುರ: ಚಿಕ್ಕಬಳ್ಳಾಪುರ ಜಿಲ್ಲೆಯಲ್ಲಿ ನಡೆಯುತ್ತಿರುವ ನೀರು ಉಳಿಸಿ ಅಭಿಯಾನಕ್ಕೆ ರಕ್ಷಾ ರಾಮಯ್ಯ ಅವರು ಚಾಲನೆ ನೀಡಿದರು. ಕಾಲೇಜಿನ ವಿದ್ಯಾರ್ಥಿಗಳಿಗೆ ನೀರಿನ ಮಹತ್ವದ ಕುರಿತು ಅರಿವು ಮೂಡಿಸಲಾಯಿತು. ನೀರು ಅಮೂಲ್ಯ ಸಂಪತ್ತು, ಪ್ರತಿಯೊಬ್ಬರೂ ಮಿತವಾಗಿ ಬಳಸಬೇಕು ಎಂದು ಅವರು ಹೇಳಿದರು. ಕಾರ್ಯಕ್ರಮದಲ್ಲಿ ಕಾಲೇಜಿನ ಪ್ರಾಂಶುಪಾಲರು, ಉಪನ್ಯಾಸಕರು ಹಾಗೂ ವಿದ್ಯಾರ್ಥಿಗಳು ಉಪಸ್ಥಿತರಿದ್ದರು.

ಚಿಕ್ಕಬಳ್ಳಾಪುರ: ಚಿಕ್ಕಬಳ್ಳಾಪುರ ಜಿಲ್ಲೆಯಲ್ಲಿ ನಡೆಯುತ್ತಿರುವ ನೀರು ಉಳಿಸಿ ಅಭಿಯಾನಕ್ಕೆ ರಕ್ಷಾ ರಾಮಯ್ಯ ಅವರು ಚಾಲನೆ ನೀಡಿದರು. ಕಾಲೇಜಿನ ವಿದ್ಯಾರ್ಥಿಗಳಿಗೆ ನೀರಿನ ಮಹತ್ವದ ಕುರಿತು ಅರಿವು ಮೂಡಿಸಲಾಯಿತು. ನೀರು ಅಮೂಲ್ಯ ಸಂಪತ್ತು, ಪ್ರತಿಯೊಬ್ಬರೂ ಮಿತವಾಗಿ ಬಳಸಬೇಕು ಎಂದು ಅವರು ಹೇಳಿದರು. ಕಾರ್ಯಕ್ರಮದಲ್ಲಿ ಕಾಲೇಜಿನ ಪ್ರಾಂಶುಪಾಲರು, ಉಪನ್ಯಾಸಕರು ಹಾಗೂ ವಿದ್ಯಾರ್ಥಿಗಳು ಉಪಸ್ಥಿತರಿದ್ದರು.

ಚಿಕ್ಕಬಳ್ಳಾಪುರ: ಚಿಕ್ಕಬಳ್ಳಾಪುರ ಜಿಲ್ಲೆಯಲ್ಲಿ ನಡೆಯುತ್ತಿರುವ ನೀರು ಉಳಿಸಿ ಅಭಿಯಾನಕ್ಕೆ ರಕ್ಷಾ ರಾಮಯ್ಯ ಅವರು ಚಾಲನೆ ನೀಡಿದರು. ಕಾಲೇಜಿನ ವಿದ್ಯಾರ್ಥಿಗಳಿಗೆ ನೀರಿನ ಮಹತ್ವದ ಕುರಿತು ಅರಿವು ಮೂಡಿಸಲಾಯಿತು. ನೀರು ಅಮೂಲ್ಯ ಸಂಪತ್ತು, ಪ್ರತಿಯೊಬ್ಬರೂ ಮಿತವಾಗಿ ಬಳಸಬೇಕು ಎಂದು ಅವರು ಹೇಳಿದರು. ಕಾರ್ಯಕ್ರಮದಲ್ಲಿ ಕಾಲೇಜಿನ ಪ್ರಾಂಶುಪಾಲರು, ಉಪನ್ಯಾಸಕರು ಹಾಗೂ ವಿದ್ಯಾರ್ಥಿಗಳು ಉಪಸ್ಥಿತರಿದ್ದರು.

ಇಂದಿನಿಂದ ಮೂರು ದಿನಗಳ ಕಾಲ ಭಕ್ತಿ ಸಂಜೀವನ ಕೋಟಗಳು-2023

ಮಡಿಕೇರಿ: ನಗರದ ನ ಮೈದಾನದಲ್ಲಿ ಅಕ್ಟೋಬರ್ 27 ರಿಂದ ಮೂರು ದಿನಗಳ ಕಾಲ ಭಕ್ತಿ ಸಂಜೀವನ ಕಾರ್ಯಕ್ರಮ ಆಯೋಜಿಸಲಾಗಿದೆ. ಕಾರ್ಯಕ್ರಮದಲ್ಲಿ 3.27 ರಿಂದ 29 ರವರೆಗೆ ಮೂರು ದಿನಗಳ ಕಾಲ ಪ್ರವಚನ, ಭಜನೆ ಹಾಗೂ ಸಾಂಸ್ಕೃತಿಕ ಕಾರ್ಯಕ್ರಮಗಳು ನಡೆಯಲಿವೆ. ಭಕ್ತಾದಿಗಳು ಹೆಚ್ಚಿನ ಸಂಖ್ಯೆಯಲ್ಲಿ ಭಾಗವಹಿಸಿ ಕಾರ್ಯಕ್ರಮವನ್ನು ಯಶಸ್ವಿಗೊಳಿಸಬೇಕೆಂದು ಸಂಘಟಕರು ಮನವಿ ಮಾಡಿದ್ದಾರೆ. ಪ್ರತಿದಿನ ಸಂಜೆ 6 ಗಂಟೆಯಿಂದ ಕಾರ್ಯಕ್ರಮ ಆರಂಭವಾಗಲಿದ್ದು, ಪ್ರಸಾದ ವಿನಿಯೋಗ ವ್ಯವಸ್ಥೆ ಮಾಡಲಾಗಿದೆ.

ಮಡಿಕೇರಿ: ನಗರದ ನ ಮೈದಾನದಲ್ಲಿ ಅಕ್ಟೋಬರ್ 27 ರಿಂದ ಮೂರು ದಿನಗಳ ಕಾಲ ಭಕ್ತಿ ಸಂಜೀವನ ಕಾರ್ಯಕ್ರಮ ಆಯೋಜಿಸಲಾಗಿದೆ. ಕಾರ್ಯಕ್ರಮದಲ್ಲಿ 3.27 ರಿಂದ 29 ರವರೆಗೆ ಮೂರು ದಿನಗಳ ಕಾಲ ಪ್ರವಚನ, ಭಜನೆ ಹಾಗೂ ಸಾಂಸ್ಕೃತಿಕ ಕಾರ್ಯಕ್ರಮಗಳು ನಡೆಯಲಿವೆ. ಭಕ್ತಾದಿಗಳು ಹೆಚ್ಚಿನ ಸಂಖ್ಯೆಯಲ್ಲಿ ಭಾಗವಹಿಸಿ ಕಾರ್ಯಕ್ರಮವನ್ನು ಯಶಸ್ವಿಗೊಳಿಸಬೇಕೆಂದು ಸಂಘಟಕರು ಮನವಿ ಮಾಡಿದ್ದಾರೆ. ಪ್ರತಿದಿನ ಸಂಜೆ 6 ಗಂಟೆಯಿಂದ ಕಾರ್ಯಕ್ರಮ ಆರಂಭವಾಗಲಿದ್ದು, ಪ್ರಸಾದ ವಿನಿಯೋಗ ವ್ಯವಸ್ಥೆ ಮಾಡಲಾಗಿದೆ.	ಮಡಿಕೇರಿ: ನಗರದ ನ ಮೈದಾನದಲ್ಲಿ ಅಕ್ಟೋಬರ್ 27 ರಿಂದ ಮೂರು ದಿನಗಳ ಕಾಲ ಭಕ್ತಿ ಸಂಜೀವನ ಕಾರ್ಯಕ್ರಮ ಆಯೋಜಿಸಲಾಗಿದೆ. ಕಾರ್ಯಕ್ರಮದಲ್ಲಿ 3.27 ರಿಂದ 29 ರವರೆಗೆ ಮೂರು ದಿನಗಳ ಕಾಲ ಪ್ರವಚನ, ಭಜನೆ ಹಾಗೂ ಸಾಂಸ್ಕೃತಿಕ ಕಾರ್ಯಕ್ರಮಗಳು ನಡೆಯಲಿವೆ. ಭಕ್ತಾದಿಗಳು ಹೆಚ್ಚಿನ ಸಂಖ್ಯೆಯಲ್ಲಿ ಭಾಗವಹಿಸಿ ಕಾರ್ಯಕ್ರಮವನ್ನು ಯಶಸ್ವಿಗೊಳಿಸಬೇಕೆಂದು ಸಂಘಟಕರು ಮನವಿ ಮಾಡಿದ್ದಾರೆ. ಪ್ರತಿದಿನ ಸಂಜೆ 6 ಗಂಟೆಯಿಂದ ಕಾರ್ಯಕ್ರಮ ಆರಂಭವಾಗಲಿದ್ದು, ಪ್ರಸಾದ ವಿನಿಯೋಗ ವ್ಯವಸ್ಥೆ ಮಾಡಲಾಗಿದೆ.

ಮಡಿಕೇರಿ: ನಗರದ ನ ಮೈದಾನದಲ್ಲಿ ಅಕ್ಟೋಬರ್ 27 ರಿಂದ ಮೂರು ದಿನಗಳ ಕಾಲ ಭಕ್ತಿ ಸಂಜೀವನ ಕಾರ್ಯಕ್ರಮ ಆಯೋಜಿಸಲಾಗಿದೆ. ಕಾರ್ಯಕ್ರಮದಲ್ಲಿ 3.27 ರಿಂದ 29 ರವರೆಗೆ ಮೂರು ದಿನಗಳ ಕಾಲ ಪ್ರವಚನ, ಭಜನೆ ಹಾಗೂ ಸಾಂಸ್ಕೃತಿಕ ಕಾರ್ಯಕ್ರಮಗಳು ನಡೆಯಲಿವೆ. ಭಕ್ತಾದಿಗಳು ಹೆಚ್ಚಿನ ಸಂಖ್ಯೆಯಲ್ಲಿ ಭಾಗವಹಿಸಿ ಕಾರ್ಯಕ್ರಮವನ್ನು ಯಶಸ್ವಿಗೊಳಿಸಬೇಕೆಂದು ಸಂಘಟಕರು ಮನವಿ ಮಾಡಿದ್ದಾರೆ. ಪ್ರತಿದಿನ ಸಂಜೆ 6 ಗಂಟೆಯಿಂದ ಕಾರ್ಯಕ್ರಮ ಆರಂಭವಾಗಲಿದ್ದು, ಪ್ರಸಾದ ವಿನಿಯೋಗ ವ್ಯವಸ್ಥೆ ಮಾಡಲಾಗಿದೆ.

ಮಡಿಕೇರಿ: ನಗರದ ನ ಮೈದಾನದಲ್ಲಿ ಅಕ್ಟೋಬರ್ 27 ರಿಂದ ಮೂರು ದಿನಗಳ ಕಾಲ ಭಕ್ತಿ ಸಂಜೀವನ ಕಾರ್ಯಕ್ರಮ ಆಯೋಜಿಸಲಾಗಿದೆ. ಕಾರ್ಯಕ್ರಮದಲ್ಲಿ 3.27 ರಿಂದ 29 ರವರೆಗೆ ಮೂರು ದಿನಗಳ ಕಾಲ ಪ್ರವಚನ, ಭಜನೆ ಹಾಗೂ ಸಾಂಸ್ಕೃತಿಕ ಕಾರ್ಯಕ್ರಮಗಳು ನಡೆಯಲಿವೆ. ಭಕ್ತಾದಿಗಳು ಹೆಚ್ಚಿನ ಸಂಖ್ಯೆಯಲ್ಲಿ ಭಾಗವಹಿಸಿ ಕಾರ್ಯಕ್ರಮವನ್ನು ಯಶಸ್ವಿಗೊಳಿಸಬೇಕೆಂದು ಸಂಘಟಕರು ಮನವಿ ಮಾಡಿದ್ದಾರೆ. ಪ್ರತಿದಿನ ಸಂಜೆ 6 ಗಂಟೆಯಿಂದ ಕಾರ್ಯಕ್ರಮ ಆರಂಭವಾಗಲಿದ್ದು, ಪ್ರಸಾದ ವಿನಿಯೋಗ ವ್ಯವಸ್ಥೆ ಮಾಡಲಾಗಿದೆ.

ಮಡಿಕೇರಿ: ನಗರದ ನ ಮೈದಾನದಲ್ಲಿ ಅಕ್ಟೋಬರ್ 27 ರಿಂದ ಮೂರು ದಿನಗಳ ಕಾಲ ಭಕ್ತಿ ಸಂಜೀವನ ಕಾರ್ಯಕ್ರಮ ಆಯೋಜಿಸಲಾಗಿದೆ. ಕಾರ್ಯಕ್ರಮದಲ್ಲಿ 3.27 ರಿಂದ 29 ರವರೆಗೆ ಮೂರು ದಿನಗಳ ಕಾಲ ಪ್ರವಚನ, ಭಜನೆ ಹಾಗೂ ಸಾಂಸ್ಕೃತಿಕ ಕಾರ್ಯಕ್ರಮಗಳು ನಡೆಯಲಿವೆ. ಭಕ್ತಾದಿಗಳು ಹೆಚ್ಚಿನ ಸಂಖ್ಯೆಯಲ್ಲಿ ಭಾಗವಹಿಸಿ ಕಾರ್ಯಕ್ರಮವನ್ನು ಯಶಸ್ವಿಗೊಳಿಸಬೇಕೆಂದು ಸಂಘಟಕರು ಮನವಿ ಮಾಡಿದ್ದಾರೆ. ಪ್ರತಿದಿನ ಸಂಜೆ 6 ಗಂಟೆಯಿಂದ ಕಾರ್ಯಕ್ರಮ ಆರಂಭವಾಗಲಿದ್ದು, ಪ್ರಸಾದ ವಿನಿಯೋಗ ವ್ಯವಸ್ಥೆ ಮಾಡಲಾಗಿದೆ.

ವಾಲಿಬಾಲ್ ಪಂದ್ಯಾವಳಿಯಲ್ಲಿ ಚಾಂಪಿಯನ್ ಆಗಿ ಹೊರಹೊಮ್ಮಿದ ತಂಡಕ್ಕೆ ಕೆಬಿಎನ್ ಅಭಿನಂದನೆ
ಕಲಬುರಗಿ: ಶ್ರೀ ಕೆ.ಬಿ.ಎನ್ ಕಾಲೇಜಿನ ಆವರಣದಲ್ಲಿ ವಿಜೇತ ತಂಡದ ವಿದ್ಯಾರ್ಥಿಗಳನ್ನು ಸನ್ಮಾನಿಸಲಾಯಿತು. ಆಡಳಿತ ಮಂಡಳಿಯ ಸದಸ್ಯರು ಉಪಸ್ಥಿತರಿದ್ದರು.

ಕಲಬುರಗಿ: ಜಿಲ್ಲಾ ಮಟ್ಟದ ವಾಲಿಬಾಲ್ ಪಂದ್ಯಾವಳಿಯಲ್ಲಿ ಚಾಂಪಿಯನ್ ಆಗಿ ಹೊರಹೊಮ್ಮಿದ ಕಾಲೇಜಿನ ವಿದ್ಯಾರ್ಥಿಗಳ ತಂಡಕ್ಕೆ ಕೆ.ಬಿ.ಎನ್ ಕಾಲೇಜಿನ ಆಡಳಿತ ಮಂಡಳಿ ಅಭಿನಂದನೆ ಸಲ್ಲಿಸಿತು. ಈ ವೇಳೆ ಮಾತನಾಡಿದ ಅವರು ಕ್ರೀಡೆಯಲ್ಲಿ ವಿದ್ಯಾರ್ಥಿಗಳು ತೊಡಗಿಸಿಕೊಳ್ಳುವುದರಿಂದ ಆರೋಗ್ಯ ಹಾಗೂ ಮಾನಸಿಕ ಸ್ಥಿರತೆ ಹೆಚ್ಚುತ್ತದೆ. ರಾಜ್ಯ ಮಟ್ಟದಲ್ಲೂ ತಂಡ ಉತ್ತಮ ಪ್ರದರ್ಶನ ನೀಡಲಿ ಎಂದು ಹಾರೈಸಿದರು.

ಕಲಬುರಗಿ: ಜಿಲ್ಲಾ ಮಟ್ಟದ ವಾಲಿಬಾಲ್ ಪಂದ್ಯಾವಳಿಯಲ್ಲಿ ಚಾಂಪಿಯನ್ ಆಗಿ ಹೊರಹೊಮ್ಮಿದ ಕಾಲೇಜಿನ ವಿದ್ಯಾರ್ಥಿಗಳ ತಂಡಕ್ಕೆ ಕೆ.ಬಿ.ಎನ್ ಕಾಲೇಜಿನ ಆಡಳಿತ ಮಂಡಳಿ ಅಭಿನಂದನೆ ಸಲ್ಲಿಸಿತು. ಈ ವೇಳೆ ಮಾತನಾಡಿದ ಅವರು ಕ್ರೀಡೆಯಲ್ಲಿ ವಿದ್ಯಾರ್ಥಿಗಳು ತೊಡಗಿಸಿಕೊಳ್ಳುವುದರಿಂದ ಆರೋಗ್ಯ ಹಾಗೂ ಮಾನಸಿಕ ಸ್ಥಿರತೆ ಹೆಚ್ಚುತ್ತದೆ. ರಾಜ್ಯ ಮಟ್ಟದಲ್ಲೂ ತಂಡ ಉತ್ತಮ ಪ್ರದರ್ಶನ ನೀಡಲಿ ಎಂದು ಹಾರೈಸಿದರು.

ನಕಲಿ ಆಧಾರ್, ಪೋಟರ್ ಐಡಿ ಸೃಷ್ಟಿ ಆರೋಪ: ಸಚಿವ ಭೈರತಿ ಸುರೇಶ್ ಆಪ್ತನಿಗೆ ಜಾಮೀನು ಮಂಜೂರು: ಆಯೋಗ ಶೋಧ

ಬೆಂಗಳೂರು: ನಕಲಿ ಆಧಾರ್, ವೋಟರ್ ಐಡಿ ಸೃಷ್ಟಿ ಆರೋಪದ ಮೇಲೆ ಬಂಧಿತನಾಗಿದ್ದ ಸಚಿವರ ಆಪ್ತನಿಗೆ ನ್ಯಾಯಾಲಯ ಷರತ್ತುಬದ್ಧ ಜಾಮೀನು ಮಂಜೂರು ಮಾಡಿದೆ. ಪ್ರಕರಣದ ತನಿಖೆ ಮುಂದುವರಿದಿದ್ದು, ಚುನಾವಣಾ ಆಯೋಗ ಹೆಚ್ಚಿನ ಮಾಹಿತಿ ಕಲೆ ಹಾಕುತ್ತಿದೆ. ಆರೋಪಿಯ ಮನೆಯಲ್ಲಿ ಹಲವು ದಾಖಲೆಗಳನ್ನು ವಶಪಡಿಸಿಕೊಳ್ಳಲಾಗಿದೆ ಎಂದು ಪೊಲೀಸ್ ಮೂಲಗಳು ತಿಳಿಸಿವೆ. ಈ ಸಂಬಂಧ ಮತ್ತಷ್ಟು ಜನರನ್ನು ವಿಚಾರಣೆಗೆ ಒಳಪಡಿಸಲಾಗುವುದು ಎಂದು ಅಧಿಕಾರಿಗಳು ಹೇಳಿದ್ದಾರೆ.

ಬೆಂಗಳೂರು: ನಕಲಿ ಆಧಾರ್, ವೋಟರ್ ಐಡಿ ಸೃಷ್ಟಿ ಆರೋಪದ ಮೇಲೆ ಬಂಧಿತನಾಗಿದ್ದ ಸಚಿವರ ಆಪ್ತನಿಗೆ ನ್ಯಾಯಾಲಯ ಷರತ್ತುಬದ್ಧ ಜಾಮೀನು ಮಂಜೂರು ಮಾಡಿದೆ. ಪ್ರಕರಣದ ತನಿಖೆ ಮುಂದುವರಿದಿದ್ದು, ಚುನಾವಣಾ ಆಯೋಗ ಹೆಚ್ಚಿನ ಮಾಹಿತಿ ಕಲೆ ಹಾಕುತ್ತಿದೆ. ಆರೋಪಿಯ ಮನೆಯಲ್ಲಿ ಹಲವು ದಾಖಲೆಗಳನ್ನು ವಶಪಡಿಸಿಕೊಳ್ಳಲಾಗಿದೆ ಎಂದು ಪೊಲೀಸ್ ಮೂಲಗಳು ತಿಳಿಸಿವೆ. ಈ ಸಂಬಂಧ ಮತ್ತಷ್ಟು ಜನರನ್ನು ವಿಚಾರಣೆಗೆ ಒಳಪಡಿಸಲಾಗುವುದು ಎಂದು ಅಧಿಕಾರಿಗಳು ಹೇಳಿದ್ದಾರೆ.

ಬೆಂಗಳೂರು: ನಕಲಿ ಆಧಾರ್, ವೋಟರ್ ಐಡಿ ಸೃಷ್ಟಿ ಆರೋಪದ ಮೇಲೆ ಬಂಧಿತನಾಗಿದ್ದ ಸಚಿವರ ಆಪ್ತನಿಗೆ ನ್ಯಾಯಾಲಯ ಷರತ್ತುಬದ್ಧ ಜಾಮೀನು ಮಂಜೂರು ಮಾಡಿದೆ. ಪ್ರಕರಣದ ತನಿಖೆ ಮುಂದುವರಿದಿದ್ದು, ಚುನಾವಣಾ ಆಯೋಗ ಹೆಚ್ಚಿನ ಮಾಹಿತಿ ಕಲೆ ಹಾಕುತ್ತಿದೆ. ಆರೋಪಿಯ ಮನೆಯಲ್ಲಿ ಹಲವು ದಾಖಲೆಗಳನ್ನು ವಶಪಡಿಸಿಕೊಳ್ಳಲಾಗಿದೆ ಎಂದು ಪೊಲೀಸ್ ಮೂಲಗಳು ತಿಳಿಸಿವೆ. ಈ ಸಂಬಂಧ ಮತ್ತಷ್ಟು ಜನರನ್ನು ವಿಚಾರಣೆಗೆ ಒಳಪಡಿಸಲಾಗುವುದು ಎಂದು ಅಧಿಕಾರಿಗಳು ಹೇಳಿದ್ದಾರೆ.

ಬೆಂಗಳೂರು: ನಕಲಿ ಆಧಾರ್, ವೋಟರ್ ಐಡಿ ಸೃಷ್ಟಿ ಆರೋಪದ ಮೇಲೆ ಬಂಧಿತನಾಗಿದ್ದ ಸಚಿವರ ಆಪ್ತನಿಗೆ ನ್ಯಾಯಾಲಯ ಷರತ್ತುಬದ್ಧ ಜಾಮೀನು ಮಂಜೂರು ಮಾಡಿದೆ. ಪ್ರಕರಣದ ತನಿಖೆ ಮುಂದುವರಿದಿದ್ದು, ಚುನಾವಣಾ ಆಯೋಗ ಹೆಚ್ಚಿನ ಮಾಹಿತಿ ಕಲೆ ಹಾಕುತ್ತಿದೆ. ಆರೋಪಿಯ ಮನೆಯಲ್ಲಿ ಹಲವು ದಾಖಲೆಗಳನ್ನು ವಶಪಡಿಸಿಕೊಳ್ಳಲಾಗಿದೆ ಎಂದು ಪೊಲೀಸ್ ಮೂಲಗಳು ತಿಳಿಸಿವೆ. ಈ ಸಂಬಂಧ ಮತ್ತಷ್ಟು ಜನರನ್ನು ವಿಚಾರಣೆಗೆ ಒಳಪಡಿಸಲಾಗುವುದು ಎಂದು ಅಧಿಕಾರಿಗಳು ಹೇಳಿದ್ದಾರೆ.

ಬೆಂಗಳೂರು: ನಕಲಿ ಆಧಾರ್, ವೋಟರ್ ಐಡಿ ಸೃಷ್ಟಿ ಆರೋಪದ ಮೇಲೆ ಬಂಧಿತನಾಗಿದ್ದ ಸಚಿವರ ಆಪ್ತನಿಗೆ ನ್ಯಾಯಾಲಯ ಷರತ್ತುಬದ್ಧ ಜಾಮೀನು ಮಂಜೂರು ಮಾಡಿದೆ. ಪ್ರಕರಣದ ತನಿಖೆ ಮುಂದುವರಿದಿದ್ದು, ಚುನಾವಣಾ ಆಯೋಗ ಹೆಚ್ಚಿನ ಮಾಹಿತಿ ಕಲೆ ಹಾಕುತ್ತಿದೆ. ಆರೋಪಿಯ ಮನೆಯಲ್ಲಿ ಹಲವು ದಾಖಲೆಗಳನ್ನು ವಶಪಡಿಸಿಕೊಳ್ಳಲಾಗಿದೆ ಎಂದು ಪೊಲೀಸ್ ಮೂಲಗಳು ತಿಳಿಸಿವೆ. ಈ ಸಂಬಂಧ ಮತ್ತಷ್ಟು ಜನರನ್ನು ವಿಚಾರಣೆಗೆ ಒಳಪಡಿಸಲಾಗುವುದು ಎಂದು ಅಧಿಕಾರಿಗಳು ಹೇಳಿದ್ದಾರೆ.

ಬೆಂಗಳೂರು: ನಕಲಿ ಆಧಾರ್, ವೋಟರ್ ಐಡಿ ಸೃಷ್ಟಿ ಆರೋಪದ ಮೇಲೆ ಬಂಧಿತನಾಗಿದ್ದ ಸಚಿವರ ಆಪ್ತನಿಗೆ ನ್ಯಾಯಾಲಯ ಷರತ್ತುಬದ್ಧ ಜಾಮೀನು ಮಂಜೂರು ಮಾಡಿದೆ. ಪ್ರಕರಣದ ತನಿಖೆ ಮುಂದುವರಿದಿದ್ದು, ಚುನಾವಣಾ ಆಯೋಗ ಹೆಚ್ಚಿನ ಮಾಹಿತಿ ಕಲೆ ಹಾಕುತ್ತಿದೆ. ಆರೋಪಿಯ ಮನೆಯಲ್ಲಿ ಹಲವು ದಾಖಲೆಗಳನ್ನು ವಶಪಡಿಸಿಕೊಳ್ಳಲಾಗಿದೆ ಎಂದು ಪೊಲೀಸ್ ಮೂಲಗಳು ತಿಳಿಸಿವೆ. ಈ ಸಂಬಂಧ ಮತ್ತಷ್ಟು ಜನರನ್ನು ವಿಚಾರಣೆಗೆ ಒಳಪಡಿಸಲಾಗುವುದು ಎಂದು ಅಧಿಕಾರಿಗಳು ಹೇಳಿದ್ದಾರೆ.

ಬೆಂಗಳೂರು: ನಕಲಿ ಆಧಾರ್, ವೋಟರ್ ಐಡಿ ಸೃಷ್ಟಿ ಆರೋಪದ ಮೇಲೆ ಬಂಧಿತನಾಗಿದ್ದ ಸಚಿವರ ಆಪ್ತನಿಗೆ ನ್ಯಾಯಾಲಯ ಷರತ್ತುಬದ್ಧ ಜಾಮೀನು ಮಂಜೂರು ಮಾಡಿದೆ. ಪ್ರಕರಣದ ತನಿಖೆ ಮುಂದುವರಿದಿದ್ದು, ಚುನಾವಣಾ ಆಯೋಗ ಹೆಚ್ಚಿನ ಮಾಹಿತಿ ಕಲೆ ಹಾಕುತ್ತಿದೆ. ಆರೋಪಿಯ ಮನೆಯಲ್ಲಿ ಹಲವು ದಾಖಲೆಗಳನ್ನು ವಶಪಡಿಸಿಕೊಳ್ಳಲಾಗಿದೆ ಎಂದು ಪೊಲೀಸ್ ಮೂಲಗಳು ತಿಳಿಸಿವೆ. ಈ ಸಂಬಂಧ ಮತ್ತಷ್ಟು ಜನರನ್ನು ವಿಚಾರಣೆಗೆ ಒಳಪಡಿಸಲಾಗುವುದು ಎಂದು ಅಧಿಕಾರಿಗಳು ಹೇಳಿದ್ದಾರೆ.

ಬೆಂಗಳೂರು: ನಕಲಿ ಆಧಾರ್, ವೋಟರ್ ಐಡಿ ಸೃಷ್ಟಿ ಆರೋಪದ ಮೇಲೆ ಬಂಧಿತನಾಗಿದ್ದ ಸಚಿವರ ಆಪ್ತನಿಗೆ ನ್ಯಾಯಾಲಯ ಷರತ್ತುಬದ್ಧ ಜಾಮೀನು ಮಂಜೂರು ಮಾಡಿದೆ. ಪ್ರಕರಣದ ತನಿಖೆ ಮುಂದುವರಿದಿದ್ದು, ಚುನಾವಣಾ ಆಯೋಗ ಹೆಚ್ಚಿನ ಮಾಹಿತಿ ಕಲೆ ಹಾಕುತ್ತಿದೆ. ಆರೋಪಿಯ ಮನೆಯಲ್ಲಿ ಹಲವು ದಾಖಲೆಗಳನ್ನು ವಶಪಡಿಸಿಕೊಳ್ಳಲಾಗಿದೆ ಎಂದು ಪೊಲೀಸ್ ಮೂಲಗಳು ತಿಳಿಸಿವೆ. ಈ ಸಂಬಂಧ ಮತ್ತಷ್ಟು ಜನರನ್ನು ವಿಚಾರಣೆಗೆ ಒಳಪಡಿಸಲಾಗುವುದು ಎಂದು ಅಧಿಕಾರಿಗಳು ಹೇಳಿದ್ದಾರೆ.
